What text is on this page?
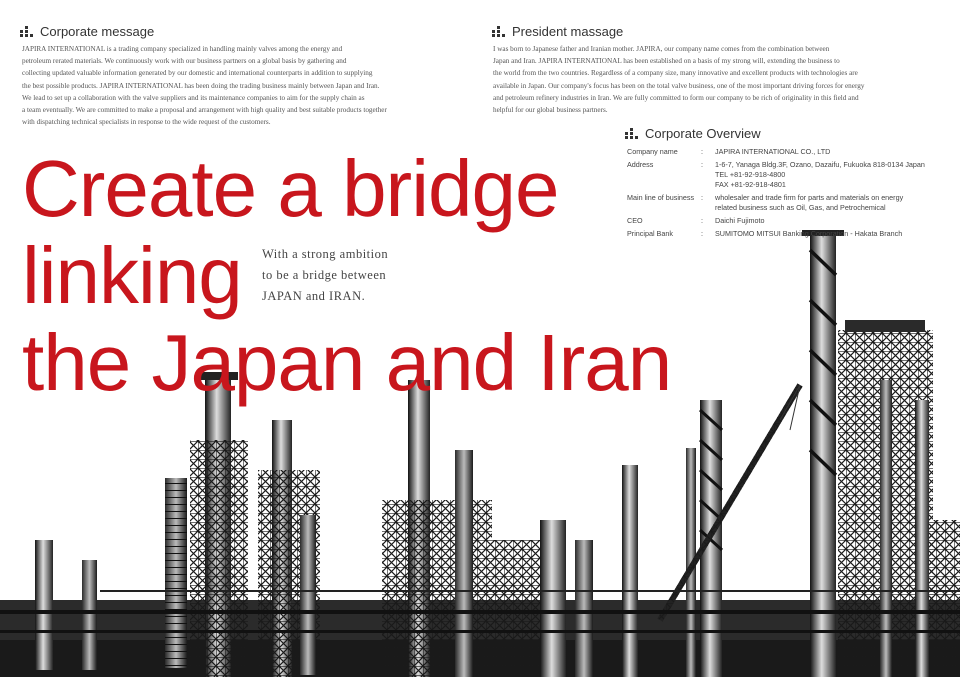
Corporate message
JAPIRA INTERNATIONAL is a trading company specialized in handling mainly valves among the energy and
petroleum rerated materials. We continuously work with our business partners on a global basis by gathering and
collecting updated valuable information generated by our domestic and international counterparts in addition to supplying
the best possible products. JAPIRA INTERNATIONAL has been doing the trading business mainly between Japan and Iran.
We lead to set up a collaboration with the valve suppliers and its maintenance companies to aim for the supply chain as
a team eventually. We are committed to make a proposal and arrangement with high quality and best suitable products together
with dispatching technical specialists in response to the wide request of the customers.
President massage
I was born to Japanese father and Iranian mother. JAPIRA, our company name comes from the combination between
Japan and Iran. JAPIRA INTERNATIONAL has been established on a basis of my strong will, extending the business to
the world from the two countries. Regardless of a company size, many innovative and excellent products with technologies are
available in Japan. Our company's focus has been on the total valve business, one of the most important driving forces for energy
and petroleum refinery industries in Iran. We are fully committed to form our company to be rich of originality in this field and
helpful for our global business partners.
Corporate Overview
Company name	:	JAPIRA INTERNATIONAL CO., LTD
Address	:	1-6-7, Yanaga Bldg.3F, Ozano, Dazaifu, Fukuoka 818-0134 Japan
TEL +81-92-918-4800
FAX +81-92-918-4801
Main line of business :	wholesaler and trade firm for parts and materials on energy
related business such as Oil, Gas, and Petrochemical
CEO	:	Daichi Fujimoto
Principal Bank	:	SUMITOMO MITSUI Banking Corporation - Hakata Branch
Create a bridge
linking
the Japan and Iran

With a strong ambition
to be a bridge between
JAPAN and IRAN.
